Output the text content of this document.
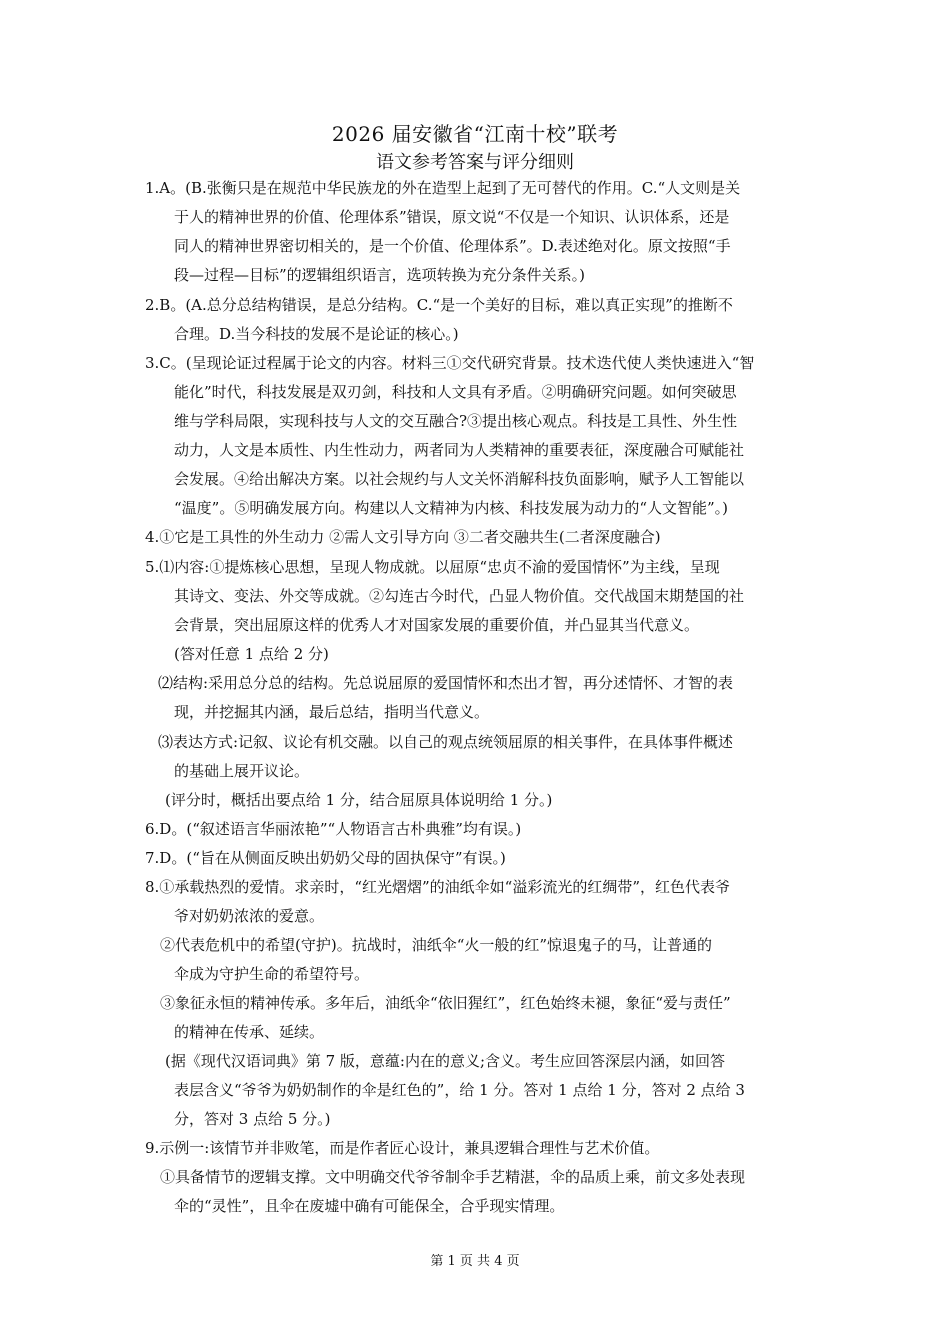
2026 届安徽省“江南十校”联考
语文参考答案与评分细则
1.A。(B.张衡只是在规范中华民族龙的外在造型上起到了无可替代的作用。C.“人文则是关
于人的精神世界的价值、伦理体系”错误，原文说“不仅是一个知识、认识体系，还是
同人的精神世界密切相关的，是一个价值、伦理体系”。D.表述绝对化。原文按照“手
段—过程—目标”的逻辑组织语言，选项转换为充分条件关系。)
2.B。(A.总分总结构错误，是总分结构。C.“是一个美好的目标，难以真正实现”的推断不
合理。D.当今科技的发展不是论证的核心。)
3.C。(呈现论证过程属于论文的内容。材料三①交代研究背景。技术迭代使人类快速进入“智
能化”时代，科技发展是双刃剑，科技和人文具有矛盾。②明确研究问题。如何突破思
维与学科局限，实现科技与人文的交互融合?③提出核心观点。科技是工具性、外生性
动力，人文是本质性、内生性动力，两者同为人类精神的重要表征，深度融合可赋能社
会发展。④给出解决方案。以社会规约与人文关怀消解科技负面影响，赋予人工智能以
“温度”。⑤明确发展方向。构建以人文精神为内核、科技发展为动力的“人文智能”。)
4.①它是工具性的外生动力 ②需人文引导方向 ③二者交融共生(二者深度融合)
5.⑴内容:①提炼核心思想，呈现人物成就。以屈原“忠贞不渝的爱国情怀”为主线，呈现
其诗文、变法、外交等成就。②勾连古今时代，凸显人物价值。交代战国末期楚国的社
会背景，突出屈原这样的优秀人才对国家发展的重要价值，并凸显其当代意义。
(答对任意 1 点给 2 分)
⑵结构:采用总分总的结构。先总说屈原的爱国情怀和杰出才智，再分述情怀、才智的表
现，并挖掘其内涵，最后总结，指明当代意义。
⑶表达方式:记叙、议论有机交融。以自己的观点统领屈原的相关事件，在具体事件概述
的基础上展开议论。
(评分时，概括出要点给 1 分，结合屈原具体说明给 1 分。)
6.D。(“叙述语言华丽浓艳”“人物语言古朴典雅”均有误。)
7.D。(“旨在从侧面反映出奶奶父母的固执保守”有误。)
8.①承载热烈的爱情。求亲时，“红光熠熠”的油纸伞如“溢彩流光的红绸带”，红色代表爷
爷对奶奶浓浓的爱意。
②代表危机中的希望(守护)。抗战时，油纸伞“火一般的红”惊退鬼子的马，让普通的
伞成为守护生命的希望符号。
③象征永恒的精神传承。多年后，油纸伞“依旧猩红”，红色始终未褪，象征“爱与责任”
的精神在传承、延续。
(据《现代汉语词典》第 7 版，意蕴:内在的意义;含义。考生应回答深层内涵，如回答
表层含义“爷爷为奶奶制作的伞是红色的”，给 1 分。答对 1 点给 1 分，答对 2 点给 3
分，答对 3 点给 5 分。)
9.示例一:该情节并非败笔，而是作者匠心设计，兼具逻辑合理性与艺术价值。
①具备情节的逻辑支撑。文中明确交代爷爷制伞手艺精湛，伞的品质上乘，前文多处表现
伞的“灵性”，且伞在废墟中确有可能保全，合乎现实情理。
第 1 页 共 4 页
